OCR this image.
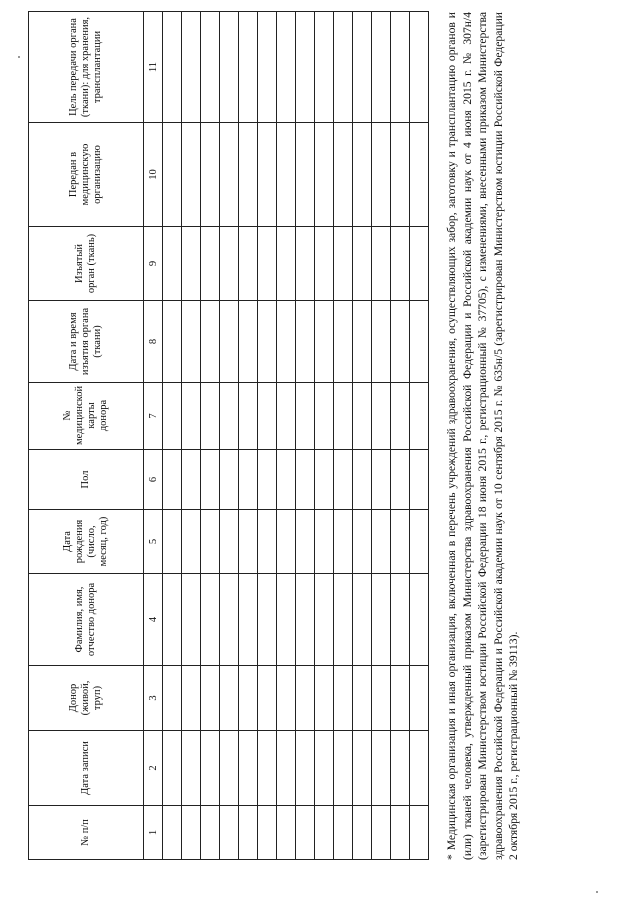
№ п/п	Дата записи	Донор (живой, труп)	Фамилия, имя, отчество донора	Дата рождения (число, месяц, год)	Пол	№ медицинской карты донора	Дата и время изъятия органа (ткани)	Изъятый орган (ткань)	Передан в медицинскую организацию	Цель передачи органа (ткани): для хранения, трансплантации
1	2	3	4	5	6	7	8	9	10	11

											* Медицинская организация и иная организация, включенная в перечень учреждений здравоохранения, осуществляющих забор, заготовку и трансплантацию органов и (или) тканей человека, утвержденный приказом Министерства здравоохранения Российской Федерации и Российской академии наук от 4 июня 2015 г. № 307н/4 (зарегистрирован Министерством юстиции Российской Федерации 18 июня 2015 г., регистрационный № 37705), с изменениями, внесенными приказом Министерства здравоохранения Российской Федерации и Российской академии наук от 10 сентября 2015 г. № 635н/5 (зарегистрирован Министерством юстиции Российской Федерации 2 октября 2015 г., регистрационный № 39113).
